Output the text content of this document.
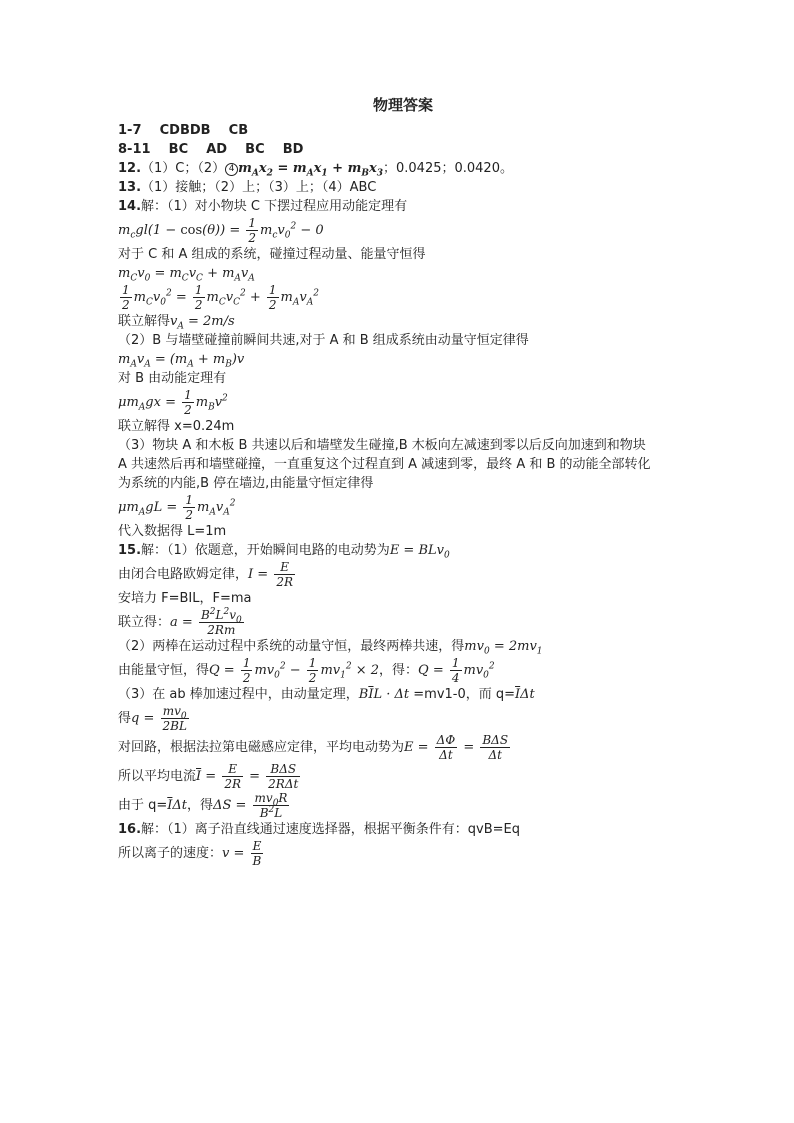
物理答案

1-7 CDBDB    CB

8-11 BC    AD    BC    BD

12.（1）C；（2） 4 $m_Ax_2 = m_Ax_1 + m_Bx_3$；0.0425；0.0420。

13.（1）接触；（2）上；（3）上；（4）ABC

14.解：（1）对小物块 C 下摆过程应用动能定理有

$m_cgl(1 - \cos(\theta)) = \frac{1}{2} m_cv_0^2 - 0$

对于 C 和 A 组成的系统，碰撞过程动量、能量守恒得

$m_Cv_0 = m_Cv_C + m_Av_A$

$\frac{1}{2} m_Cv_0^2 = \frac{1}{2} m_Cv_C^2 + \frac{1}{2} m_Av_A^2$

联立解得$v_A = 2m/s$

（2）B 与墙壁碰撞前瞬间共速,对于 A 和 B 组成系统由动量守恒定律得

$m_Av_A = (m_A + m_B)v$

对 B 由动能定理有

$\mu m_Agx = \frac{1}{2} m_Bv^2$

联立解得 x=0.24m

（3）物块 A 和木板 B 共速以后和墙壁发生碰撞,B 木板向左减速到零以后反向加速到和物块

A 共速然后再和墙壁碰撞，一直重复这个过程直到 A 减速到零，最终 A 和 B 的动能全部转化

为系统的内能,B 停在墙边,由能量守恒定律得

$\mu m_AgL = \frac{1}{2} m_Av_A^2$

代入数据得 L=1m

15.解：（1）依题意，开始瞬间电路的电动势为E = BLv$_0$

由闭合电路欧姆定律，$I = \frac{E}{2R}$

安培力 F=BIL，F=ma

联立得：$a = \frac{B^2L^2v_0}{2Rm}$

（2）两棒在运动过程中系统的动量守恒，最终两棒共速，得$mv_0 = 2mv_1$

由能量守恒，得$Q = \frac{1}{2} mv_0^2 - \frac{1}{2} mv_1^2 \times 2$，得：$Q = \frac{1}{4} mv_0^2$

（3）在 ab 棒加速过程中，由动量定理，$B\overline{I}L \cdot \Delta t =mv1-0$，而 $q=\overline{I}\Delta t$

得$q = \frac{mv_0}{2BL}$

对回路，根据法拉第电磁感应定律，平均电动势为$E = \frac{\Delta\Phi}{\Delta t} = \frac{\text{BΔS}}{\Delta t}$

所以平均电流$\overline{I} = \frac{E}{2R} = \frac{\text{BΔS}}{\text{2RΔt}}$

由于 $q=\overline{I}\Delta t$，得$\Delta S = \frac{mv_0R}{B^2L}$

16.解：（1）离子沿直线通过速度选择器，根据平衡条件有：qvB=Eq

所以离子的速度：$v = \frac{E}{B}$
